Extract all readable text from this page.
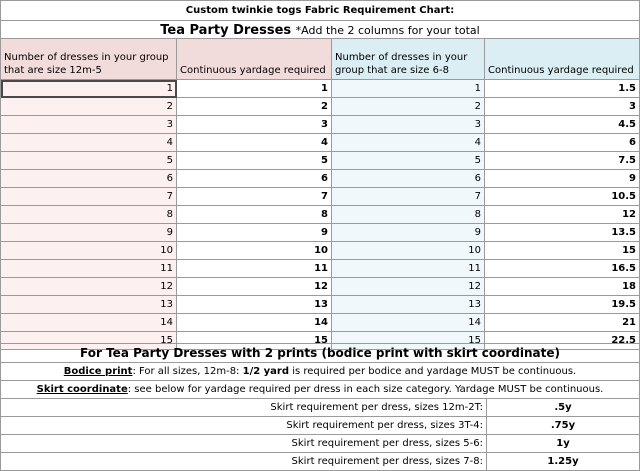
Custom twinkie togs Fabric Requirement Chart:
Tea Party Dresses *Add the 2 columns for your total
Number of dresses in your group that are size 12m-5	Continuous yardage required	Number of dresses in your group that are size 6-8	Continuous yardage required
1	1	1	1.5
2	2	2	3
3	3	3	4.5
4	4	4	6
5	5	5	7.5
6	6	6	9
7	7	7	10.5
8	8	8	12
9	9	9	13.5
10	10	10	15
11	11	11	16.5
12	12	12	18
13	13	13	19.5
14	14	14	21
15	15	15	22.5
For Tea Party Dresses with 2 prints (bodice print with skirt coordinate)	
Bodice print: For all sizes, 12m-8: 1/2 yard is required per bodice and yardage MUST be continuous.	
Skirt coordinate: see below for yardage required per dress in each size category. Yardage MUST be continuous.	
Skirt requirement per dress, sizes 12m-2T:	.5y
Skirt requirement per dress, sizes 3T-4:	.75y
Skirt requirement per dress, sizes 5-6:	1y
Skirt requirement per dress, sizes 7-8:	1.25y
